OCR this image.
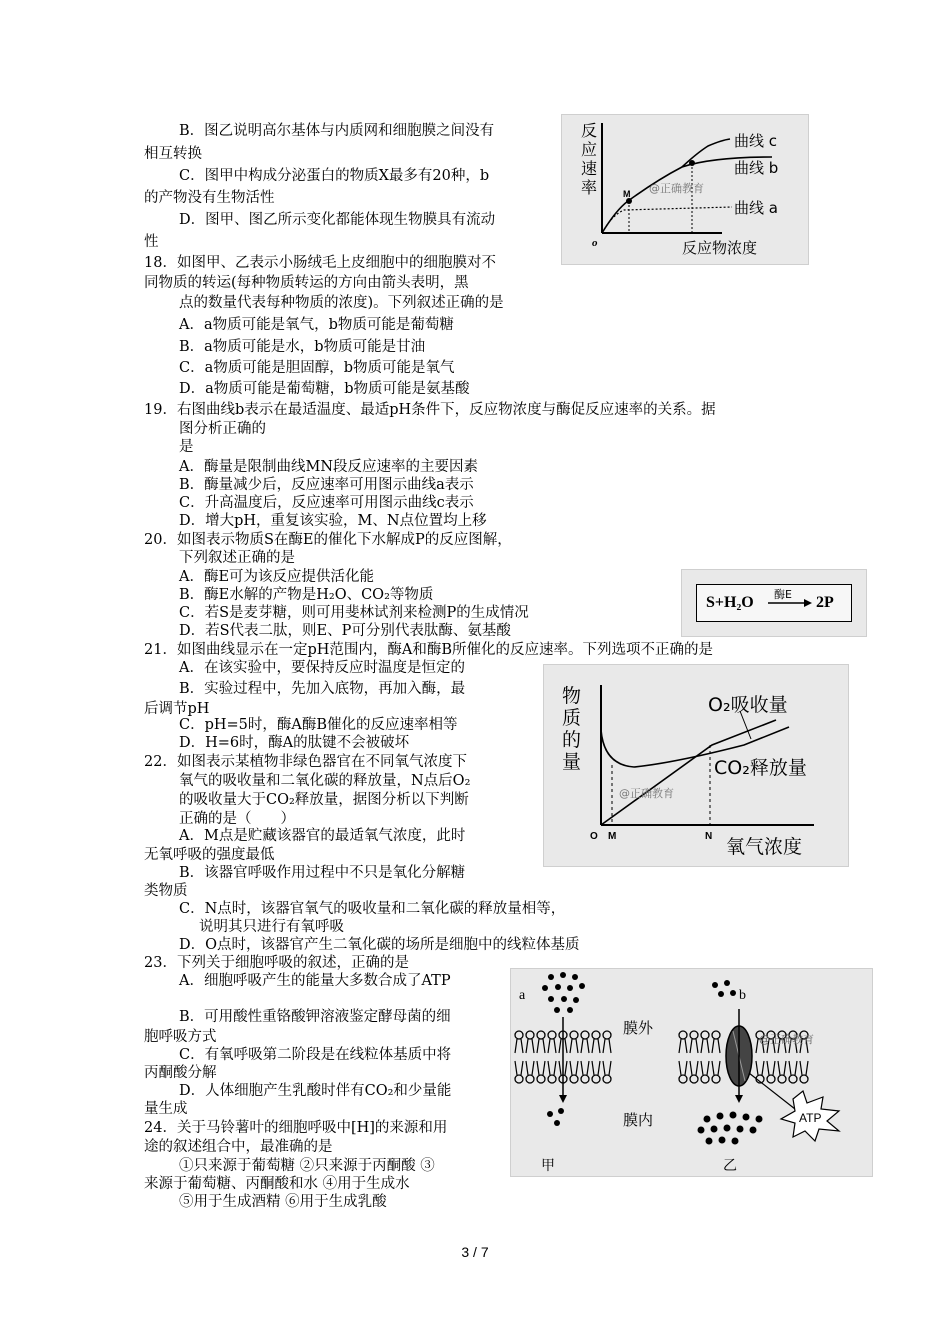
B．图乙说明高尔基体与内质网和细胞膜之间没有
相互转换
C．图甲中构成分泌蛋白的物质X最多有20种，b
的产物没有生物活性
D．图甲、图乙所示变化都能体现生物膜具有流动
性
18．如图甲、乙表示小肠绒毛上皮细胞中的细胞膜对不
同物质的转运(每种物质转运的方向由箭头表明，黑
点的数量代表每种物质的浓度)。下列叙述正确的是
A．a物质可能是氧气，b物质可能是葡萄糖
B．a物质可能是水，b物质可能是甘油
C．a物质可能是胆固醇，b物质可能是氧气
D．a物质可能是葡萄糖，b物质可能是氨基酸
19．右图曲线b表示在最适温度、最适pH条件下，反应物浓度与酶促反应速率的关系。据
图分析正确的
是
A．酶量是限制曲线MN段反应速率的主要因素
B．酶量减少后，反应速率可用图示曲线a表示
C．升高温度后，反应速率可用图示曲线c表示
D．增大pH，重复该实验，M、N点位置均上移
20．如图表示物质S在酶E的催化下水解成P的反应图解，
下列叙述正确的是
A．酶E可为该反应提供活化能
B．酶E水解的产物是H₂O、CO₂等物质
C．若S是麦芽糖，则可用斐林试剂来检测P的生成情况
D．若S代表二肽，则E、P可分别代表肽酶、氨基酸
21．如图曲线显示在一定pH范围内，酶A和酶B所催化的反应速率。下列选项不正确的是
A．在该实验中，要保持反应时温度是恒定的
B．实验过程中，先加入底物，再加入酶，最
后调节pH
C．pH=5时，酶A酶B催化的反应速率相等
D．H=6时，酶A的肽键不会被破坏
22．如图表示某植物非绿色器官在不同氧气浓度下
氧气的吸收量和二氧化碳的释放量，N点后O₂
的吸收量大于CO₂释放量，据图分析以下判断
正确的是（　　）
A．M点是贮藏该器官的最适氧气浓度，此时
无氧呼吸的强度最低
B．该器官呼吸作用过程中不只是氧化分解糖
类物质
C．N点时，该器官氧气的吸收量和二氧化碳的释放量相等，
说明其只进行有氧呼吸
D．O点时，该器官产生二氧化碳的场所是细胞中的线粒体基质
23．下列关于细胞呼吸的叙述，正确的是
A．细胞呼吸产生的能量大多数合成了ATP
B．可用酸性重铬酸钾溶液鉴定酵母菌的细
胞呼吸方式
C．有氧呼吸第二阶段是在线粒体基质中将
丙酮酸分解
D．人体细胞产生乳酸时伴有CO₂和少量能
量生成
24．关于马铃薯叶的细胞呼吸中[H]的来源和用
途的叙述组合中，最准确的是
①只来源于葡萄糖 ②只来源于丙酮酸 ③
来源于葡萄糖、丙酮酸和水 ④用于生成水
⑤用于生成酒精 ⑥用于生成乳酸
M
o
@正确教育
曲线 c
曲线 b
曲线 a
反应物浓度
反应速率
S+H₂O 酶E 2P
O M	N
@正确教育
O₂吸收量
CO₂释放量
氧气浓度
物质的量
ATP
a	b
膜外
膜内
@正确教育
甲	乙
3 / 7
